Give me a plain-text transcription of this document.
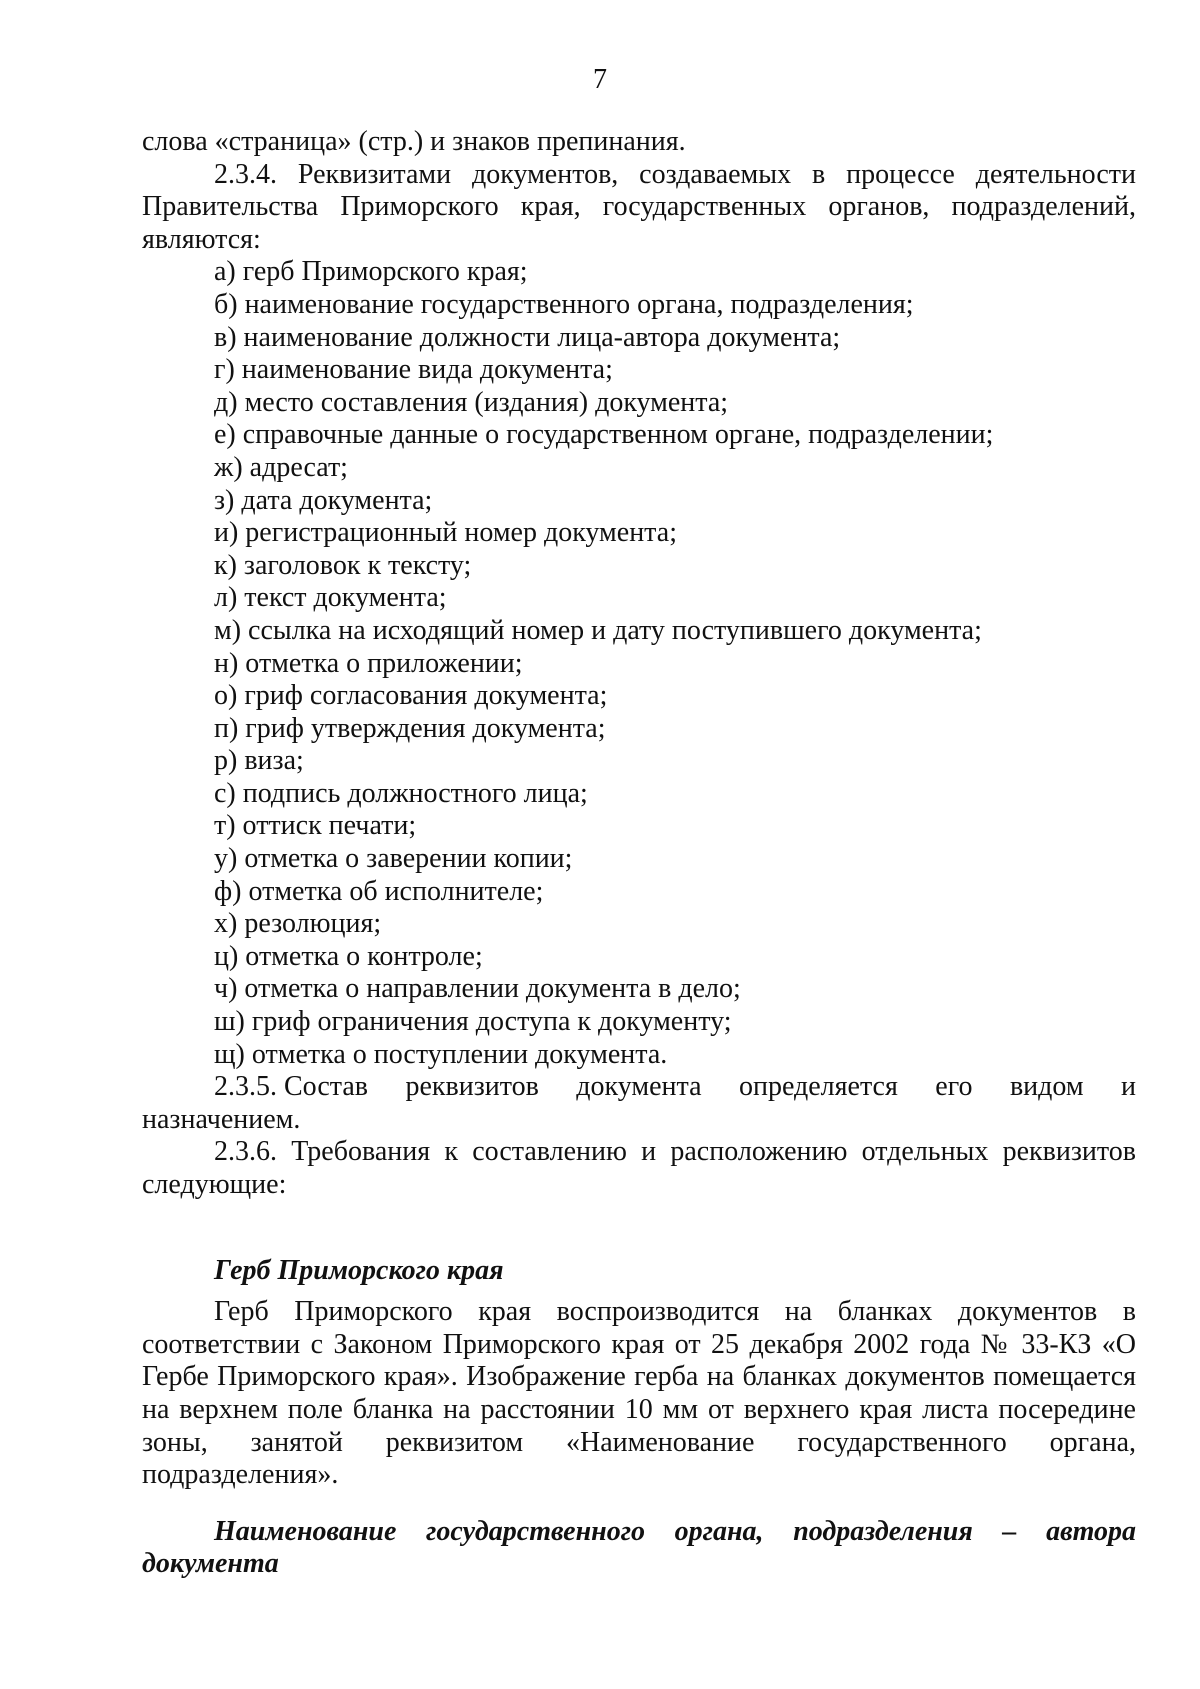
7

слова «страница» (стр.) и знаков препинания.

2.3.4. Реквизитами документов, создаваемых в процессе деятельности Правительства Приморского края, государственных органов, подразделений, являются:

а) герб Приморского края;
б) наименование государственного органа, подразделения;
в) наименование должности лица-автора документа;
г) наименование вида документа;
д) место составления (издания) документа;
е) справочные данные о государственном органе, подразделении;
ж) адресат;
з) дата документа;
и) регистрационный номер документа;
к) заголовок к тексту;
л) текст документа;
м) ссылка на исходящий номер и дату поступившего документа;
н) отметка о приложении;
о) гриф согласования документа;
п) гриф утверждения документа;
р) виза;
с) подпись должностного лица;
т) оттиск печати;
у) отметка о заверении копии;
ф) отметка об исполнителе;
х) резолюция;
ц) отметка о контроле;
ч) отметка о направлении документа в дело;
ш) гриф ограничения доступа к документу;
щ) отметка о поступлении документа.
2.3.5. Состав реквизитов документа определяется его видом и

назначением.

2.3.6. Требования к составлению и расположению отдельных реквизитов следующие:

Герб Приморского края

Герб Приморского края воспроизводится на бланках документов в соответствии с Законом Приморского края от 25 декабря 2002 года № 33-КЗ «О Гербе Приморского края». Изображение герба на бланках документов помещается на верхнем поле бланка на расстоянии 10 мм от верхнего края листа посередине зоны, занятой реквизитом «Наименование государственного органа, подразделения».

Наименование государственного органа, подразделения – автора документа
